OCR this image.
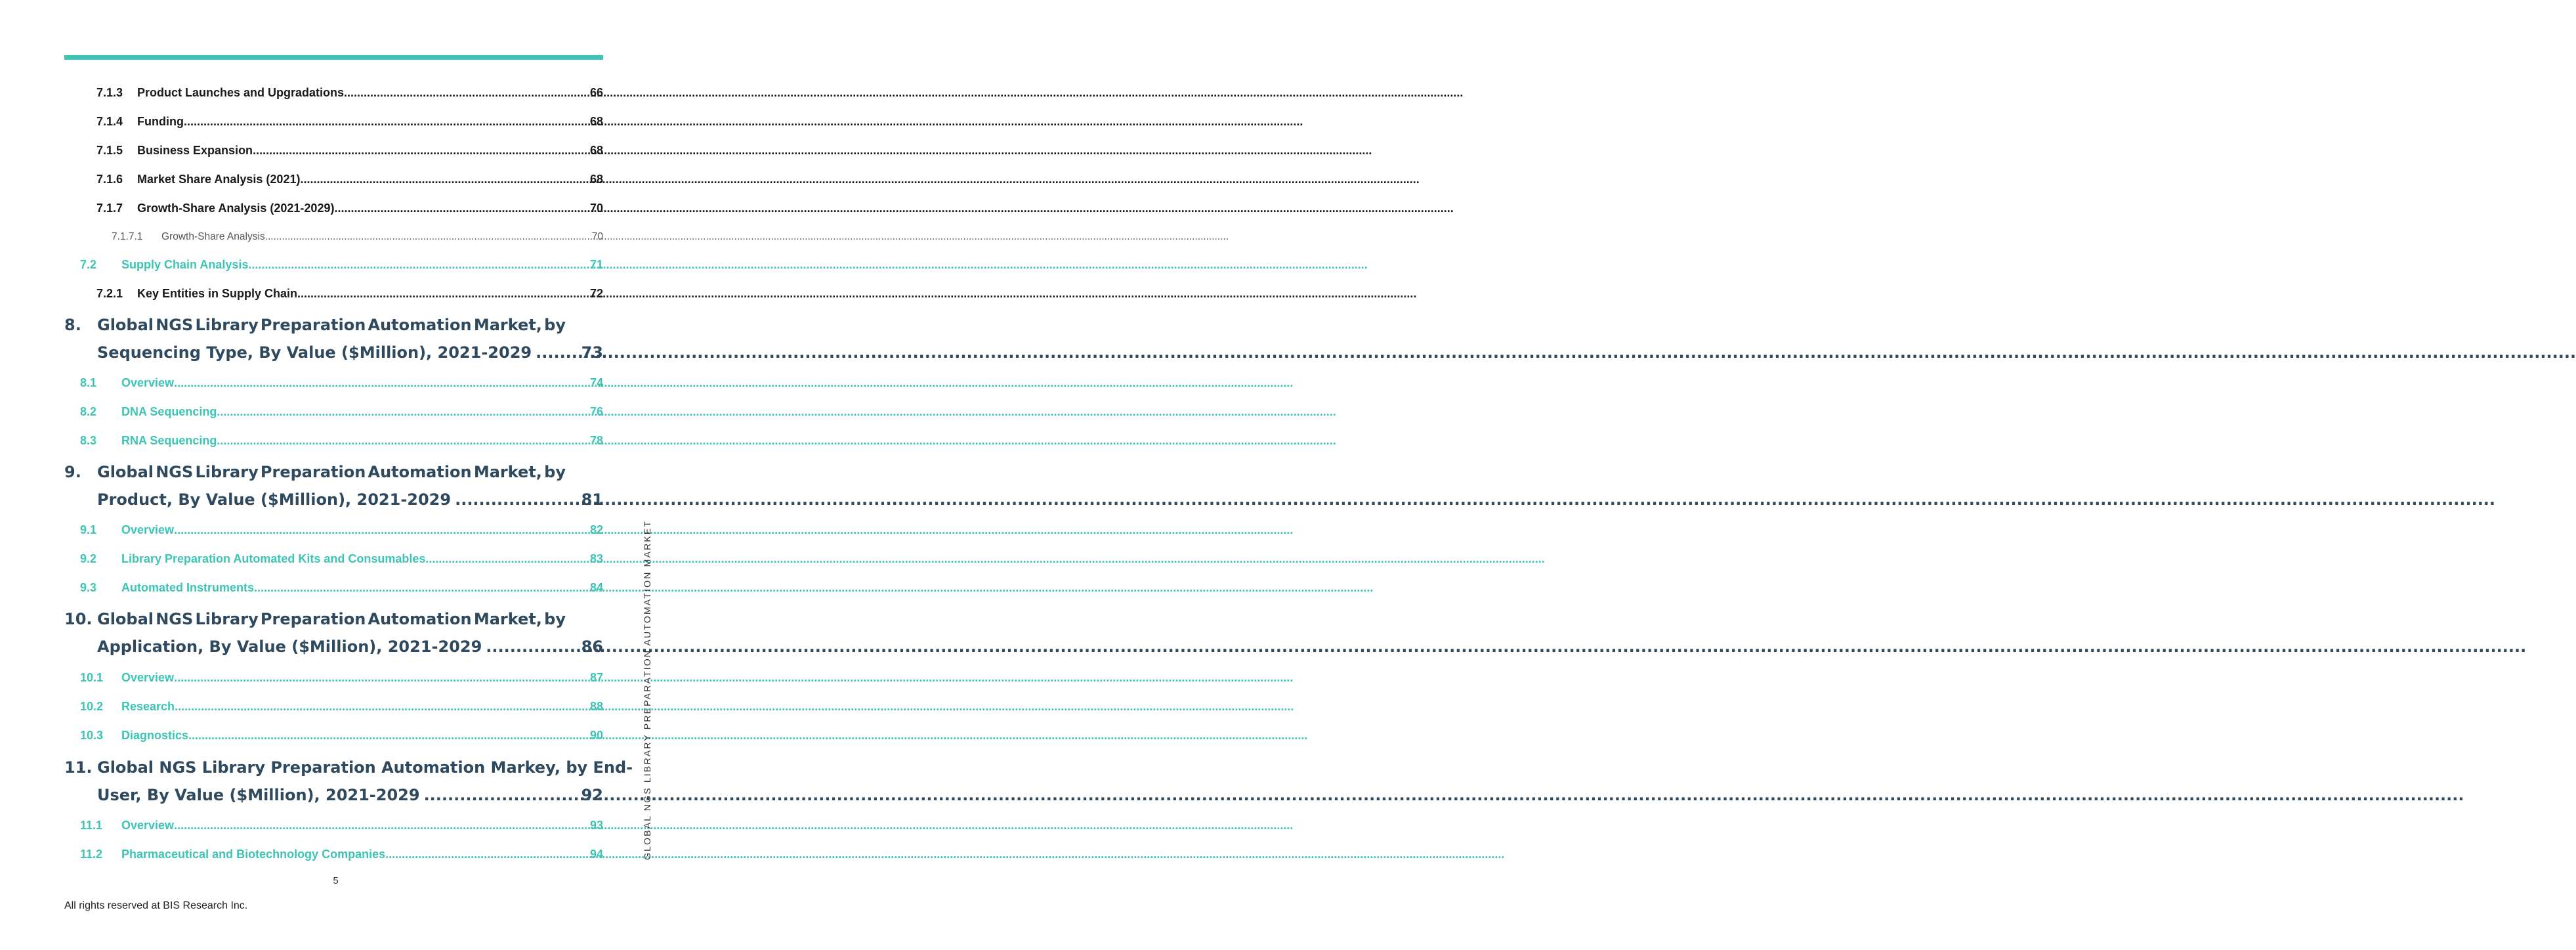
7.1.3	Product Launches and Upgradations .....	66
7.1.4	Funding .....	68
7.1.5	Business Expansion .....	68
7.1.6	Market Share Analysis (2021) .....	68
7.1.7	Growth-Share Analysis (2021-2029) .....	70
7.1.7.1	Growth-Share Analysis .....	70
7.2	Supply Chain Analysis .....	71
7.2.1	Key Entities in Supply Chain .....	72
8.	Global NGS Library Preparation Automation Market, by
Sequencing Type, By Value ($Million), 2021-2029 .....	73
8.1	Overview .....	74
8.2	DNA Sequencing .....	76
8.3	RNA Sequencing .....	78
9.	Global NGS Library Preparation Automation Market, by
Product, By Value ($Million), 2021-2029 .....	81
9.1	Overview .....	82
9.2	Library Preparation Automated Kits and Consumables .....	83
9.3	Automated Instruments .....	84
10. Global NGS Library Preparation Automation Market, by
Application, By Value ($Million), 2021-2029 .....	86
10.1	Overview .....	87
10.2	Research .....	88
10.3	Diagnostics .....	90
11. Global NGS Library Preparation Automation Markey, by End-
User, By Value ($Million), 2021-2029 .....	92
11.1	Overview .....	93
11.2	Pharmaceutical and Biotechnology Companies .....	94
5
All rights reserved at BIS Research Inc.
GLOBAL NGS LIBRARY PREPARATION AUTOMATION MARKET
